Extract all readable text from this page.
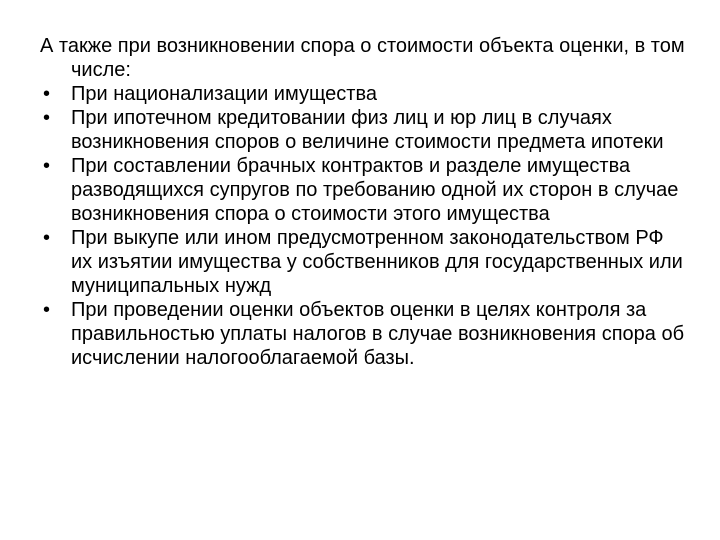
А также при возникновении спора о стоимости объекта оценки, в том числе:

• При национализации имущества
• При ипотечном кредитовании физ лиц и юр лиц в случаях возникновения споров о величине стоимости предмета ипотеки
• При составлении брачных контрактов и разделе имущества разводящихся супругов по требованию одной их сторон в случае возникновения спора о стоимости этого имущества
• При выкупе или ином предусмотренном законодательством РФ их изъятии имущества у собственников для государственных или муниципальных нужд
• При проведении оценки объектов оценки в целях контроля за правильностью уплаты налогов в случае возникновения спора об исчислении налогооблагаемой базы.
